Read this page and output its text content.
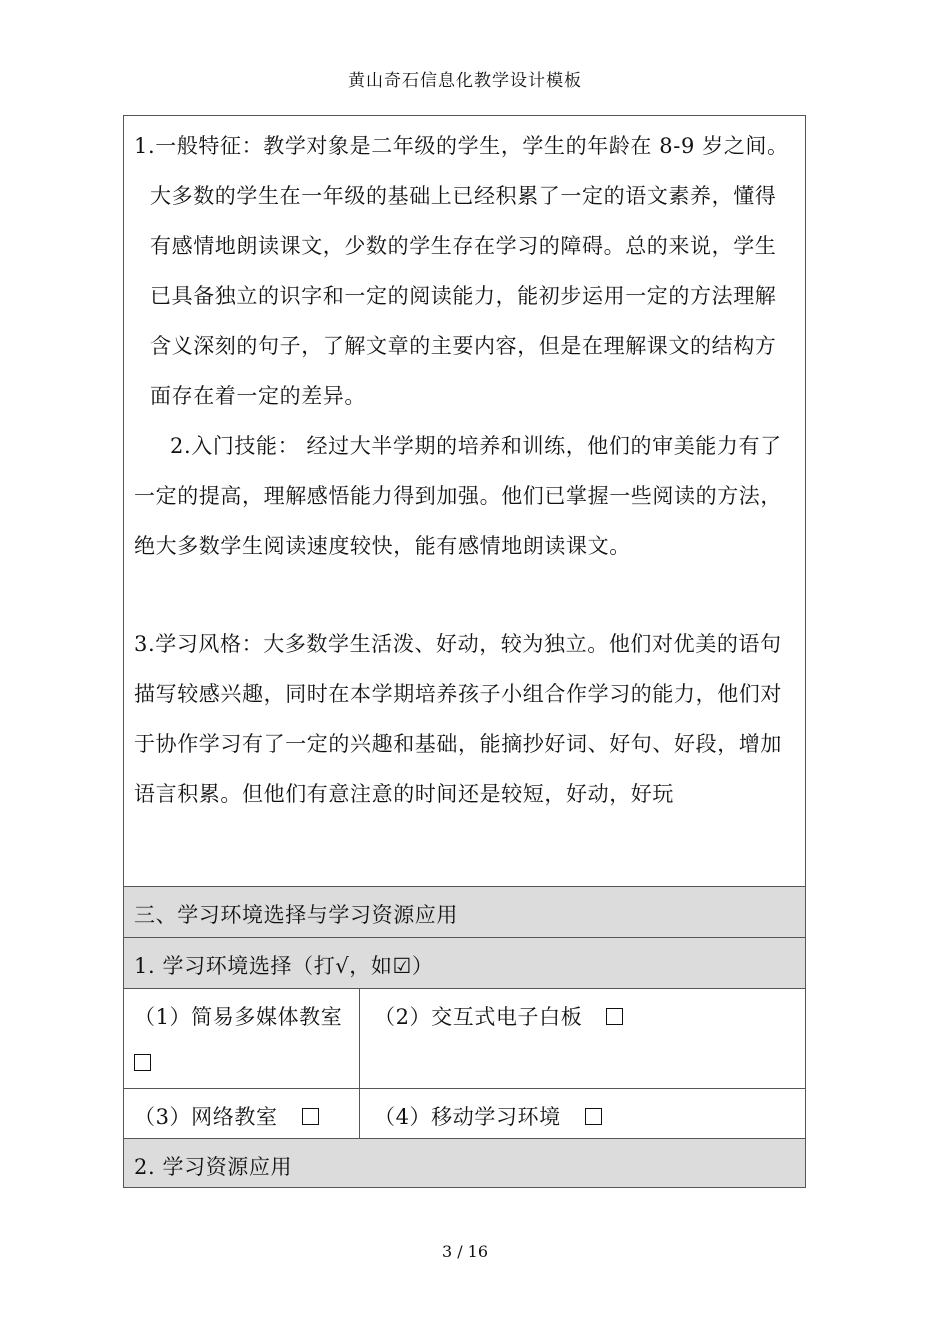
黄山奇石信息化教学设计模板
1.一般特征：教学对象是二年级的学生，学生的年龄在 8-9 岁之间。
大多数的学生在一年级的基础上已经积累了一定的语文素养，懂得
有感情地朗读课文，少数的学生存在学习的障碍。总的来说，学生
已具备独立的识字和一定的阅读能力，能初步运用一定的方法理解
含义深刻的句子，了解文章的主要内容，但是在理解课文的结构方
面存在着一定的差异。
2.入门技能： 经过大半学期的培养和训练，他们的审美能力有了
一定的提高，理解感悟能力得到加强。他们已掌握一些阅读的方法，
绝大多数学生阅读速度较快，能有感情地朗读课文。
3.学习风格：大多数学生活泼、好动，较为独立。他们对优美的语句
描写较感兴趣，同时在本学期培养孩子小组合作学习的能力，他们对
于协作学习有了一定的兴趣和基础，能摘抄好词、好句、好段，增加
语言积累。但他们有意注意的时间还是较短，好动，好玩
三、学习环境选择与学习资源应用
1. 学习环境选择（打√，如☑）
（1）简易多媒体教室 （2）交互式电子白板
（3）网络教室	（4）移动学习环境
2. 学习资源应用
3 / 16
